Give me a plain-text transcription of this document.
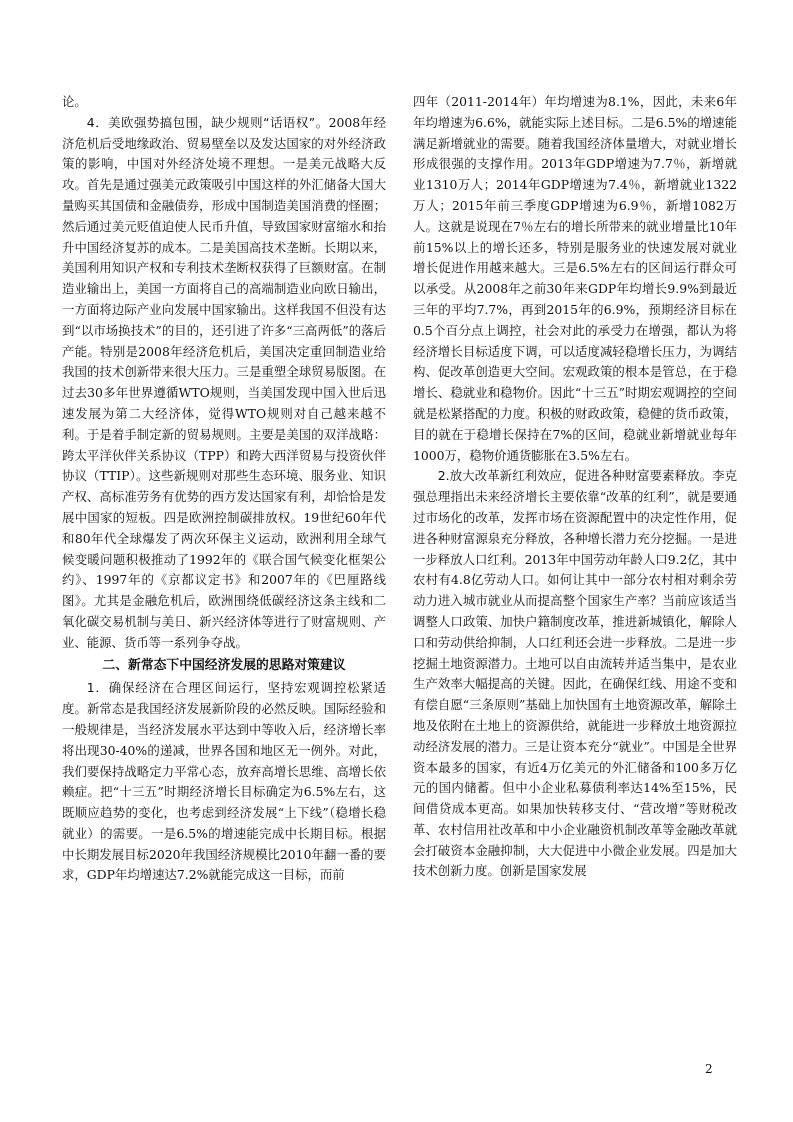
论。

4．美欧强势搞包围，缺少规则“话语权”。2008年经济危机后受地缘政治、贸易壁垒以及发达国家的对外经济政策的影响，中国对外经济处境不理想。一是美元战略大反攻。首先是通过强美元政策吸引中国这样的外汇储备大国大量购买其国债和金融债券，形成中国制造美国消费的怪圈；然后通过美元贬值迫使人民币升值，导致国家财富缩水和抬升中国经济复苏的成本。二是美国高技术垄断。长期以来，美国利用知识产权和专利技术垄断权获得了巨额财富。在制造业输出上，美国一方面将自己的高端制造业向欧日输出，一方面将边际产业向发展中国家输出。这样我国不但没有达到“以市场换技术”的目的，还引进了许多“三高两低”的落后产能。特别是2008年经济危机后，美国决定重回制造业给我国的技术创新带来很大压力。三是重塑全球贸易版图。在过去30多年世界遵循WTO规则，当美国发现中国入世后迅速发展为第二大经济体，觉得WTO规则对自己越来越不利。于是着手制定新的贸易规则。主要是美国的双洋战略：跨太平洋伙伴关系协议（TPP）和跨大西洋贸易与投资伙伴协议（TTIP）。这些新规则对那些生态环境、服务业、知识产权、高标准劳务有优势的西方发达国家有利，却恰恰是发展中国家的短板。四是欧洲控制碳排放权。19世纪60年代和80年代全球爆发了两次环保主义运动，欧洲利用全球气候变暖问题积极推动了1992年的《联合国气候变化框架公约》、1997年的《京都议定书》和2007年的《巴厘路线图》。尤其是金融危机后，欧洲围绕低碳经济这条主线和二氧化碳交易机制与美日、新兴经济体等进行了财富规则、产业、能源、货币等一系列争夺战。

二、新常态下中国经济发展的思路对策建议

1．确保经济在合理区间运行，坚持宏观调控松紧适度。新常态是我国经济发展新阶段的必然反映。国际经验和一般规律是，当经济发展水平达到中等收入后，经济增长率将出现30-40%的递减，世界各国和地区无一例外。对此，我们要保持战略定力平常心态，放弃高增长思维、高增长依赖症。把“十三五”时期经济增长目标确定为6.5%左右，这既顺应趋势的变化，也考虑到经济发展“上下线”（稳增长稳就业）的需要。一是6.5%的增速能完成中长期目标。根据中长期发展目标2020年我国经济规模比2010年翻一番的要求，GDP年均增速达7.2%就能完成这一目标，而前

四年（2011-2014年）年均增速为8.1%，因此，未来6年年均增速为6.6%，就能实际上述目标。二是6.5%的增速能满足新增就业的需要。随着我国经济体量增大，对就业增长形成很强的支撑作用。2013年GDP增速为7.7％，新增就业1310万人；2014年GDP增速为7.4％，新增就业1322万人；2015年前三季度GDP增速为6.9％，新增1082万人。这就是说现在7％左右的增长所带来的就业增量比10年前15%以上的增长还多，特别是服务业的快速发展对就业增长促进作用越来越大。三是6.5%左右的区间运行群众可以承受。从2008年之前30年来GDP年均增长9.9%到最近三年的平均7.7%，再到2015年的6.9%，预期经济目标在0.5个百分点上调控，社会对此的承受力在增强，都认为将经济增长目标适度下调，可以适度减轻稳增长压力，为调结构、促改革创造更大空间。宏观政策的根本是管总，在于稳增长、稳就业和稳物价。因此“十三五”时期宏观调控的空间就是松紧搭配的力度。积极的财政政策，稳健的货币政策，目的就在于稳增长保持在7%的区间，稳就业新增就业每年1000万，稳物价通货膨胀在3.5%左右。

2.放大改革新红利效应，促进各种财富要素释放。李克强总理指出未来经济增长主要依靠“改革的红利”，就是要通过市场化的改革，发挥市场在资源配置中的决定性作用，促进各种财富源泉充分释放，各种增长潜力充分挖掘。一是进一步释放人口红利。2013年中国劳动年龄人口9.2亿，其中农村有4.8亿劳动人口。如何让其中一部分农村相对剩余劳动力进入城市就业从而提高整个国家生产率？当前应该适当调整人口政策、加快户籍制度改革，推进新城镇化，解除人口和劳动供给抑制，人口红利还会进一步释放。二是进一步挖掘土地资源潜力。土地可以自由流转并适当集中，是农业生产效率大幅提高的关键。因此，在确保红线、用途不变和有偿自愿“三条原则”基础上加快国有土地资源改革，解除土地及依附在土地上的资源供给，就能进一步释放土地资源拉动经济发展的潜力。三是让资本充分“就业”。中国是全世界资本最多的国家，有近4万亿美元的外汇储备和100多万亿元的国内储蓄。但中小企业私募债利率达14%至15%，民间借贷成本更高。如果加快转移支付、“营改增”等财税改革、农村信用社改革和中小企业融资机制改革等金融改革就会打破资本金融抑制，大大促进中小微企业发展。四是加大技术创新力度。创新是国家发展

2
